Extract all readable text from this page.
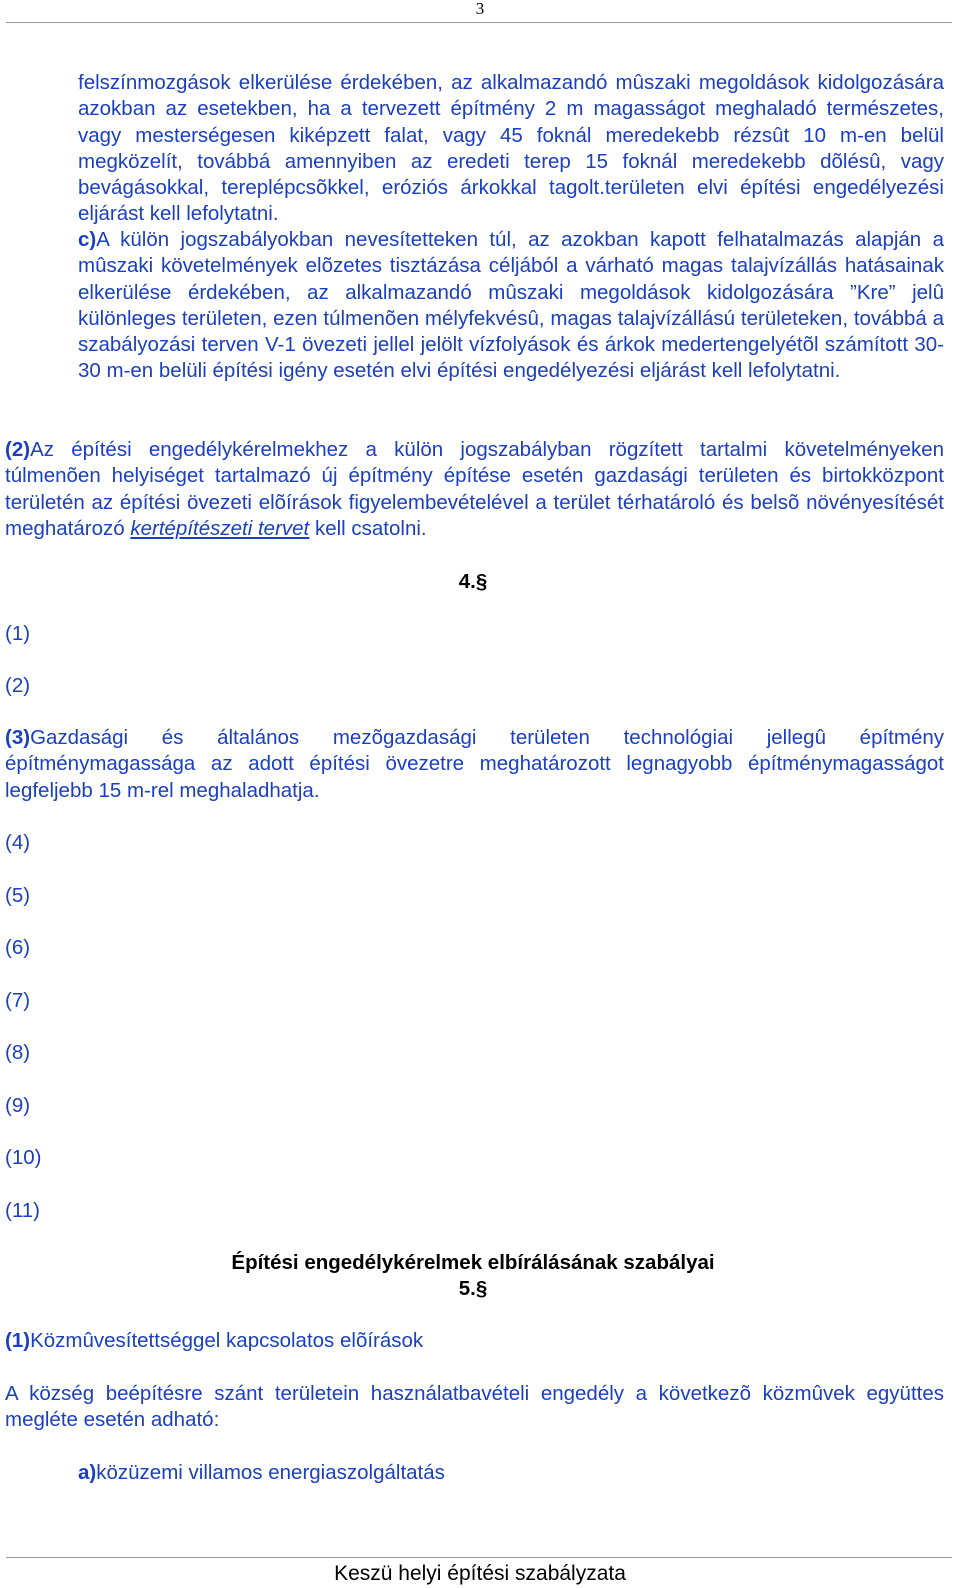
3
felszínmozgások elkerülése érdekében, az alkalmazandó mûszaki megoldások kidolgozására azokban az esetekben, ha a tervezett építmény 2 m magasságot meghaladó természetes, vagy mesterségesen kiképzett falat, vagy 45 foknál meredekebb rézsût 10 m-en belül megközelít, továbbá amennyiben az eredeti terep 15 foknál meredekebb dõlésû, vagy bevágásokkal, tereplépcsõkkel, eróziós árkokkal tagolt.területen elvi építési engedélyezési eljárást kell lefolytatni.
c)A külön jogszabályokban nevesítetteken túl, az azokban kapott felhatalmazás alapján a mûszaki követelmények elõzetes tisztázása céljából a várható magas talajvízállás hatásainak elkerülése érdekében, az alkalmazandó mûszaki megoldások kidolgozására ”Kre” jelû különleges területen, ezen túlmenõen mélyfekvésû, magas talajvízállású területeken, továbbá a szabályozási terven V-1 övezeti jellel jelölt vízfolyások és árkok medertengelyétõl számított 30-30 m-en belüli építési igény esetén elvi építési engedélyezési eljárást kell lefolytatni.
(2)Az építési engedélykérelmekhez a külön jogszabályban rögzített tartalmi követelményeken túlmenõen helyiséget tartalmazó új építmény építése esetén gazdasági területen és birtokközpont területén az építési övezeti elõírások figyelembevételével a terület térhatároló és belsõ növényesítését meghatározó kertépítészeti tervet kell csatolni.
4.§
(1)
(2)
(3)Gazdasági és általános mezõgazdasági területen technológiai jellegû építmény építménymagassága az adott építési övezetre meghatározott legnagyobb építménymagasságot legfeljebb 15 m-rel meghaladhatja.
(4)
(5)
(6)
(7)
(8)
(9)
(10)
(11)
Építési engedélykérelmek elbírálásának szabályai
5.§
(1)Közmûvesítettséggel kapcsolatos elõírások
A község beépítésre szánt területein használatbavételi engedély a következõ közmûvek együttes megléte esetén adható:
a)közüzemi villamos energiaszolgáltatás
Keszü helyi építési szabályzata
